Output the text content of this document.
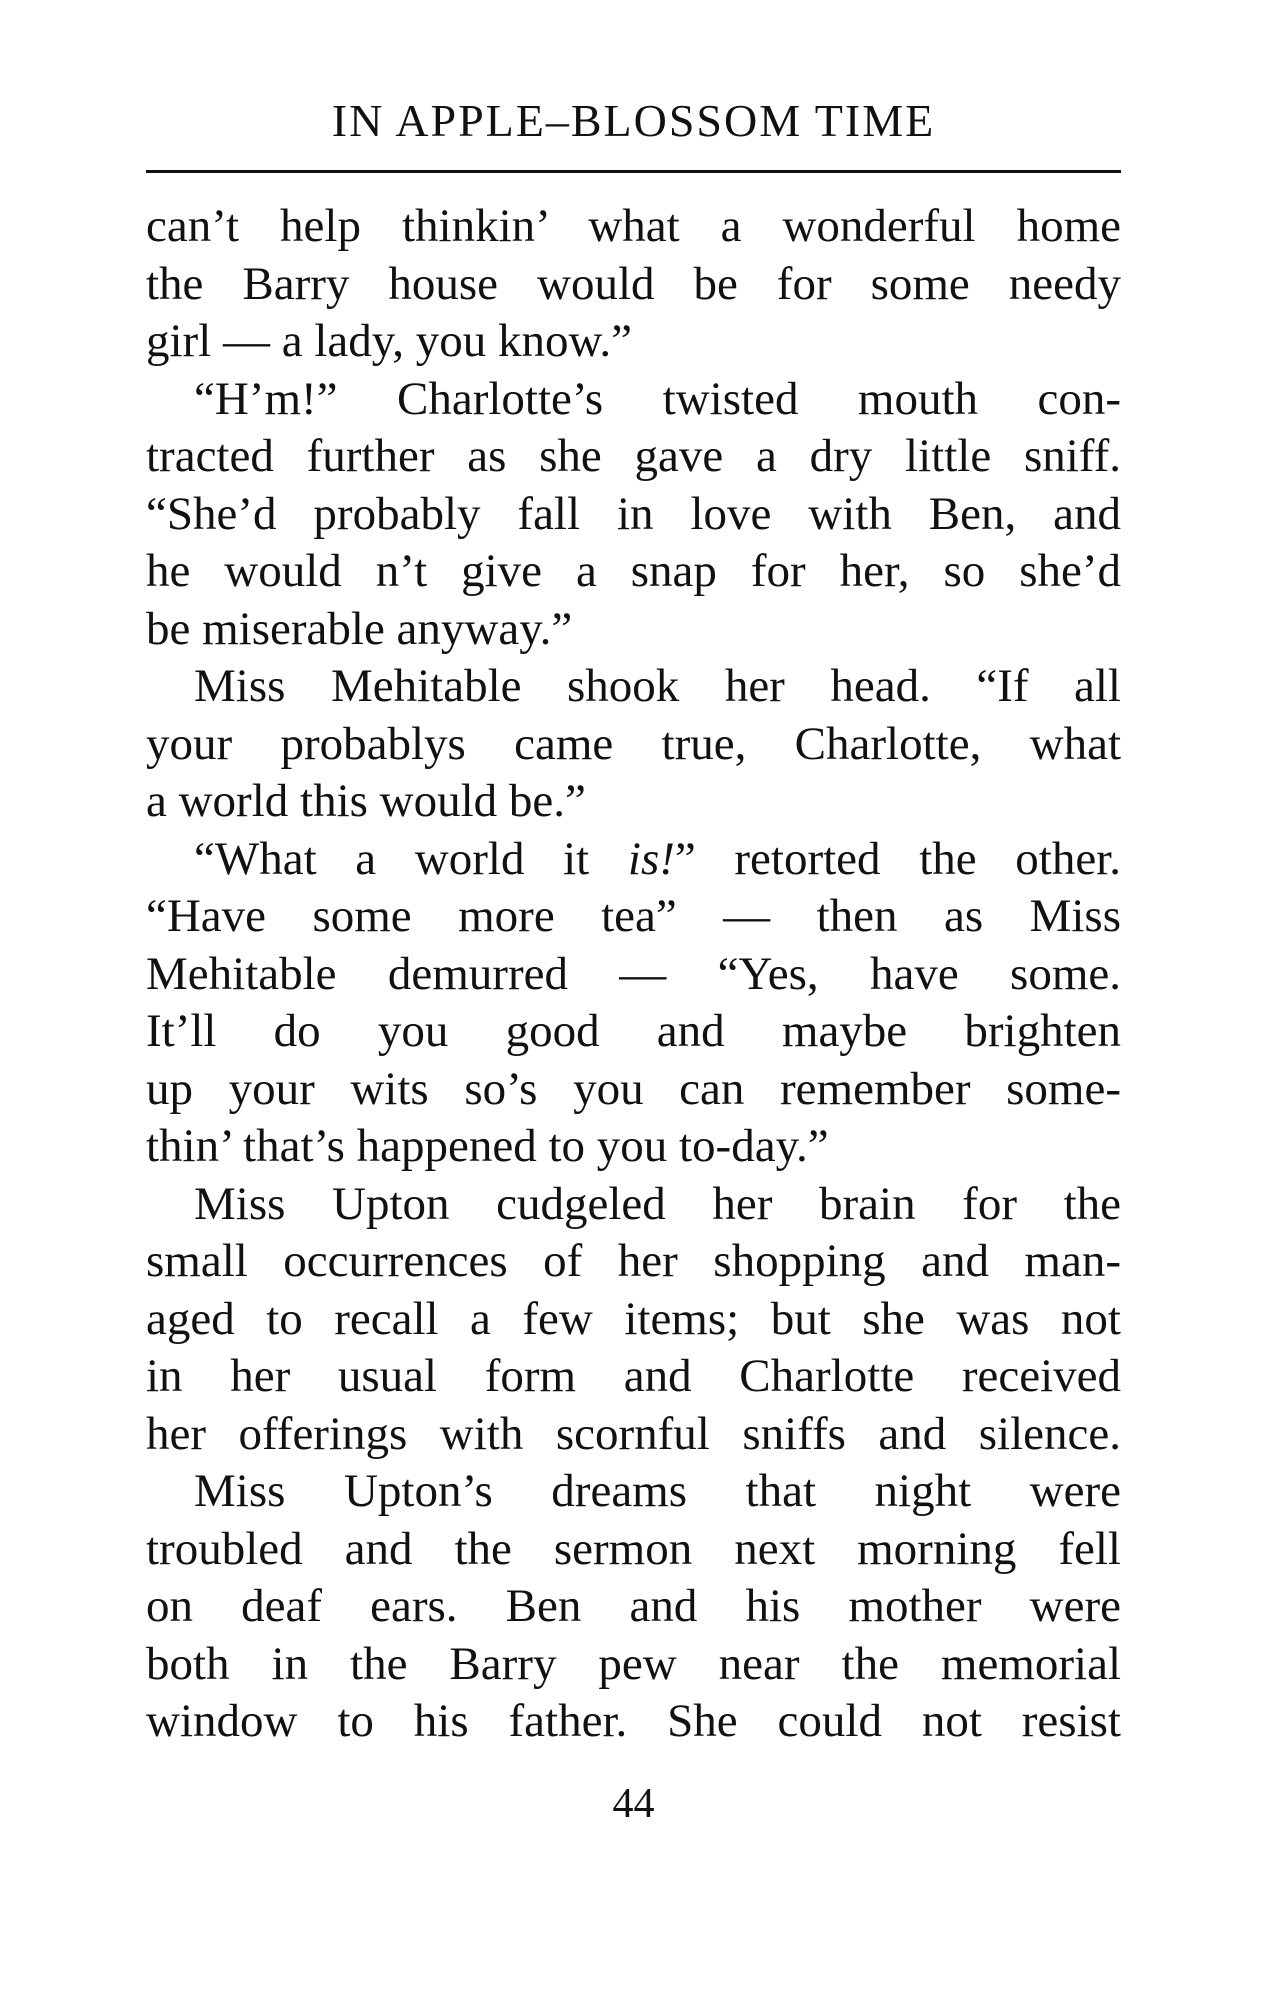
IN APPLE–BLOSSOM TIME
can’t help thinkin’ what a wonderful home
the Barry house would be for some needy
girl — a lady, you know.”
“H’m!” Charlotte’s twisted mouth con-
tracted further as she gave a dry little sniff.
“She’d probably fall in love with Ben, and
he would n’t give a snap for her, so she’d
be miserable anyway.”
Miss Mehitable shook her head. “If all
your probablys came true, Charlotte, what
a world this would be.”
“What a world it is!” retorted the other.
“Have some more tea” — then as Miss
Mehitable demurred — “Yes, have some.
It’ll do you good and maybe brighten
up your wits so’s you can remember some-
thin’ that’s happened to you to-day.”
Miss Upton cudgeled her brain for the
small occurrences of her shopping and man-
aged to recall a few items; but she was not
in her usual form and Charlotte received
her offerings with scornful sniffs and silence.
Miss Upton’s dreams that night were
troubled and the sermon next morning fell
on deaf ears. Ben and his mother were
both in the Barry pew near the memorial
window to his father. She could not resist
44
